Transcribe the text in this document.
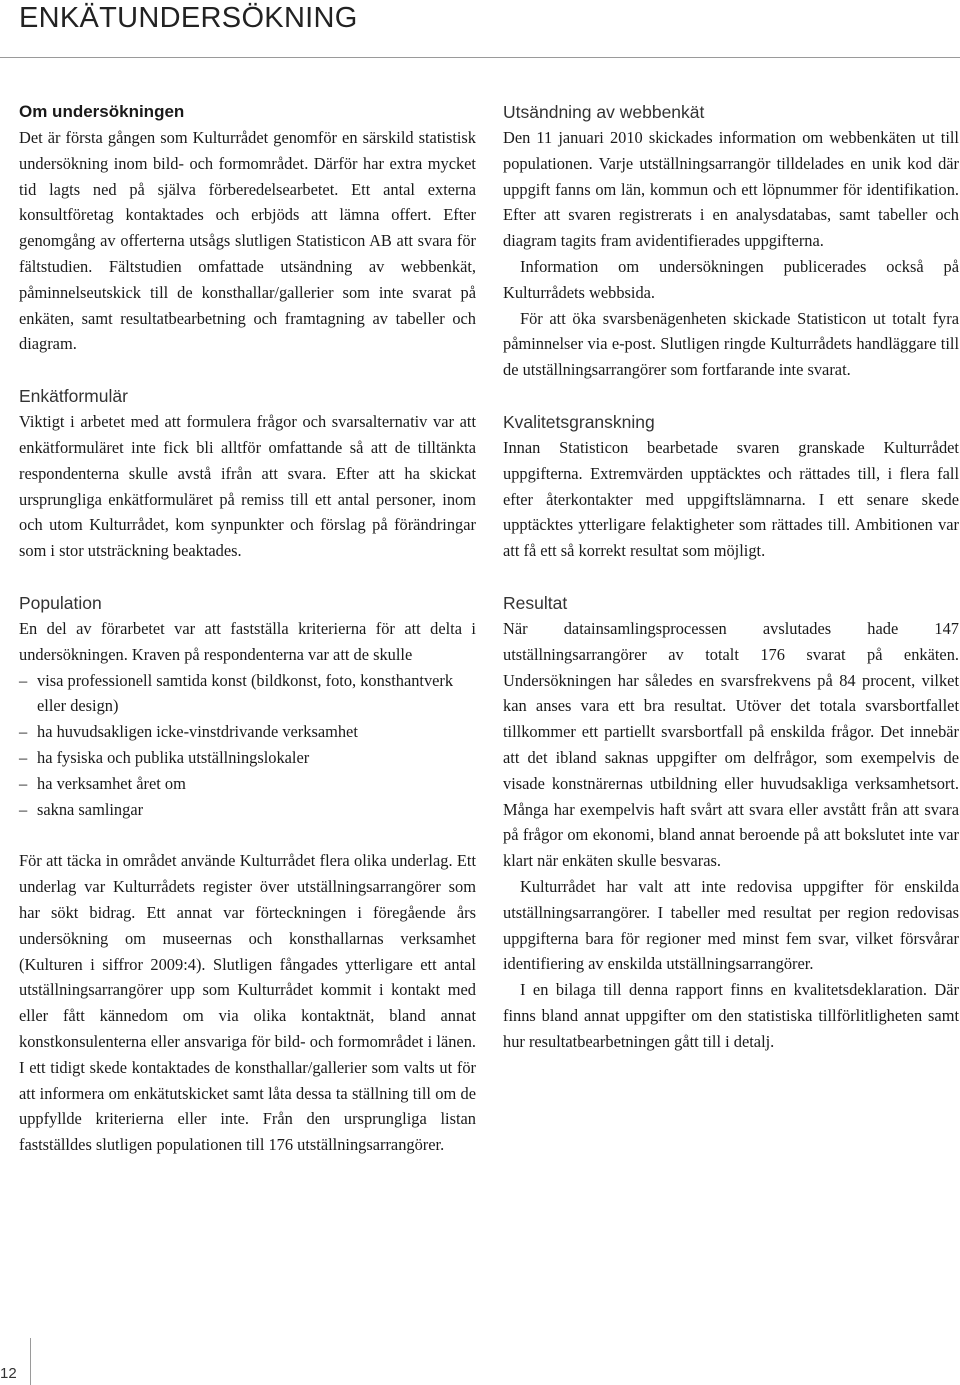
ENKÄTUNDERSÖKNING
Om undersökningen

Det är första gången som Kulturrådet genomför en särskild statistisk undersökning inom bild- och formområdet. Därför har extra mycket tid lagts ned på själva förberedelsearbetet. Ett antal externa konsultföretag kontaktades och erbjöds att lämna offert. Efter genomgång av offerterna utsågs slutligen Statisticon AB att svara för fältstudien. Fältstudien omfattade utsändning av webbenkät, påminnelseutskick till de konsthallar/gallerier som inte svarat på enkäten, samt resultatbearbetning och framtagning av tabeller och diagram.

Enkätformulär

Viktigt i arbetet med att formulera frågor och svarsalternativ var att enkätformuläret inte fick bli alltför omfattande så att de tilltänkta respondenterna skulle avstå ifrån att svara. Efter att ha skickat ursprungliga enkätformuläret på remiss till ett antal personer, inom och utom Kulturrådet, kom synpunkter och förslag på förändringar som i stor utsträckning beaktades.

Population

En del av förarbetet var att fastställa kriterierna för att delta i undersökningen. Kraven på respondenterna var att de skulle

– visa professionell samtida konst (bildkonst, foto, konsthantverk eller design)
– ha huvudsakligen icke-vinstdrivande verksamhet
– ha fysiska och publika utställningslokaler
– ha verksamhet året om
– sakna samlingar

För att täcka in området använde Kulturrådet flera olika underlag. Ett underlag var Kulturrådets register över utställningsarrangörer som har sökt bidrag. Ett annat var förteckningen i föregående års undersökning om museernas och konsthallarnas verksamhet (Kulturen i siffror 2009:4). Slutligen fångades ytterligare ett antal utställningsarrangörer upp som Kulturrådet kommit i kontakt med eller fått kännedom om via olika kontaktnät, bland annat konstkonsulenterna eller ansvariga för bild- och formområdet i länen. I ett tidigt skede kontaktades de konsthallar/gallerier som valts ut för att informera om enkätutskicket samt låta dessa ta ställning till om de uppfyllde kriterierna eller inte. Från den ursprungliga listan fastställdes slutligen populationen till 176 utställningsarrangörer.

Utsändning av webbenkät

Den 11 januari 2010 skickades information om webbenkäten ut till populationen. Varje utställningsarrangör tilldelades en unik kod där uppgift fanns om län, kommun och ett löpnummer för identifikation. Efter att svaren registrerats i en analysdatabas, samt tabeller och diagram tagits fram avidentifierades uppgifterna.

Information om undersökningen publicerades också på Kulturrådets webbsida.

För att öka svarsbenägenheten skickade Statisticon ut totalt fyra påminnelser via e-post. Slutligen ringde Kulturrådets handläggare till de utställningsarrangörer som fortfarande inte svarat.

Kvalitetsgranskning

Innan Statisticon bearbetade svaren granskade Kulturrådet uppgifterna. Extremvärden upptäcktes och rättades till, i flera fall efter återkontakter med uppgiftslämnarna. I ett senare skede upptäcktes ytterligare felaktigheter som rättades till. Ambitionen var att få ett så korrekt resultat som möjligt.

Resultat

När datainsamlingsprocessen avslutades hade 147 utställningsarrangörer av totalt 176 svarat på enkäten. Undersökningen har således en svarsfrekvens på 84 procent, vilket kan anses vara ett bra resultat. Utöver det totala svarsbortfallet tillkommer ett partiellt svarsbortfall på enskilda frågor. Det innebär att det ibland saknas uppgifter om delfrågor, som exempelvis de visade konstnärernas utbildning eller huvudsakliga verksamhetsort. Många har exempelvis haft svårt att svara eller avstått från att svara på frågor om ekonomi, bland annat beroende på att bokslutet inte var klart när enkäten skulle besvaras.

Kulturrådet har valt att inte redovisa uppgifter för enskilda utställningsarrangörer. I tabeller med resultat per region redovisas uppgifterna bara för regioner med minst fem svar, vilket försvårar identifiering av enskilda utställningsarrangörer.

I en bilaga till denna rapport finns en kvalitetsdeklaration. Där finns bland annat uppgifter om den statistiska tillförlitligheten samt hur resultatbearbetningen gått till i detalj.

12
